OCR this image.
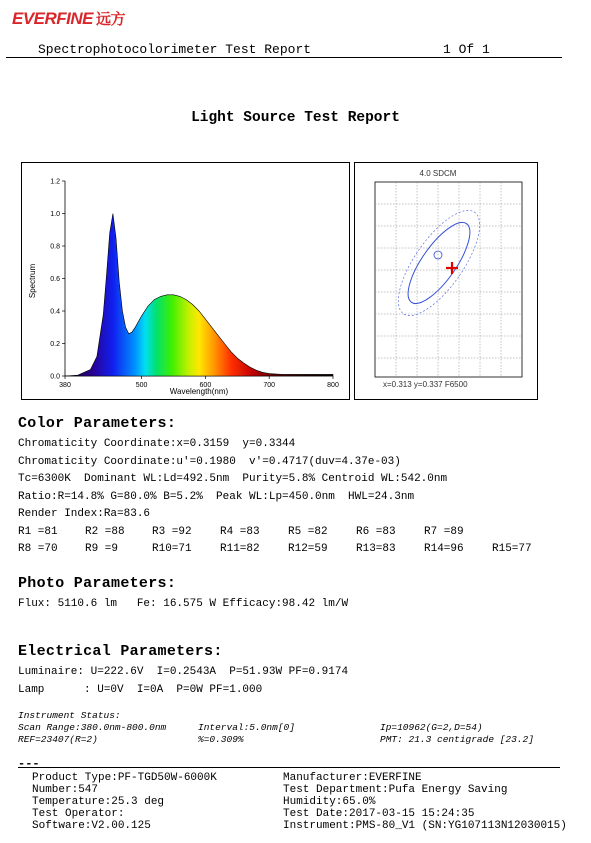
EVERFINE 远方
Spectrophotocolorimeter Test Report	1 Of 1
Light Source Test Report
0.0
0.2
0.4
0.6
0.8
1.0
1.2
380	500	600	700	800
Spectrum
Wavelength(nm)
4.0 SDCM
x=0.313 y=0.337 F6500
Color Parameters:
Chromaticity Coordinate:x=0.3159  y=0.3344
Chromaticity Coordinate:u'=0.1980  v'=0.4717(duv=4.37e-03)
Tc=6300K  Dominant WL:Ld=492.5nm  Purity=5.8% Centroid WL:542.0nm
Ratio:R=14.8% G=80.0% B=5.2%  Peak WL:Lp=450.0nm  HWL=24.3nm
Render Index:Ra=83.6
R1 =81 R2 =88 R3 =92	R4 =83	R5 =82	R6 =83	R7 =89
R8 =70 R9 =9	R10=71	R11=82	R12=59	R13=83	R14=96	R15=77
Photo Parameters:
Flux: 5110.6 lm   Fe: 16.575 W Efficacy:98.42 lm/W
Electrical Parameters:
Luminaire: U=222.6V  I=0.2543A  P=51.93W PF=0.9174
Lamp      : U=0V  I=0A  P=0W PF=1.000
Instrument Status:
Scan Range:380.0nm-800.0nm	Interval:5.0nm[0]	Ip=10962(G=2,D=54)
REF=23407(R=2)	%=0.309%	PMT: 21.3 centigrade [23.2]
---
Product Type:PF-TGD50W-6000K
Number:547
Temperature:25.3 deg
Test Operator:
Software:V2.00.125
Manufacturer:EVERFINE
Test Department:Pufa Energy Saving
Humidity:65.0%
Test Date:2017-03-15 15:24:35
Instrument:PMS-80_V1 (SN:YG107113N12030015)
